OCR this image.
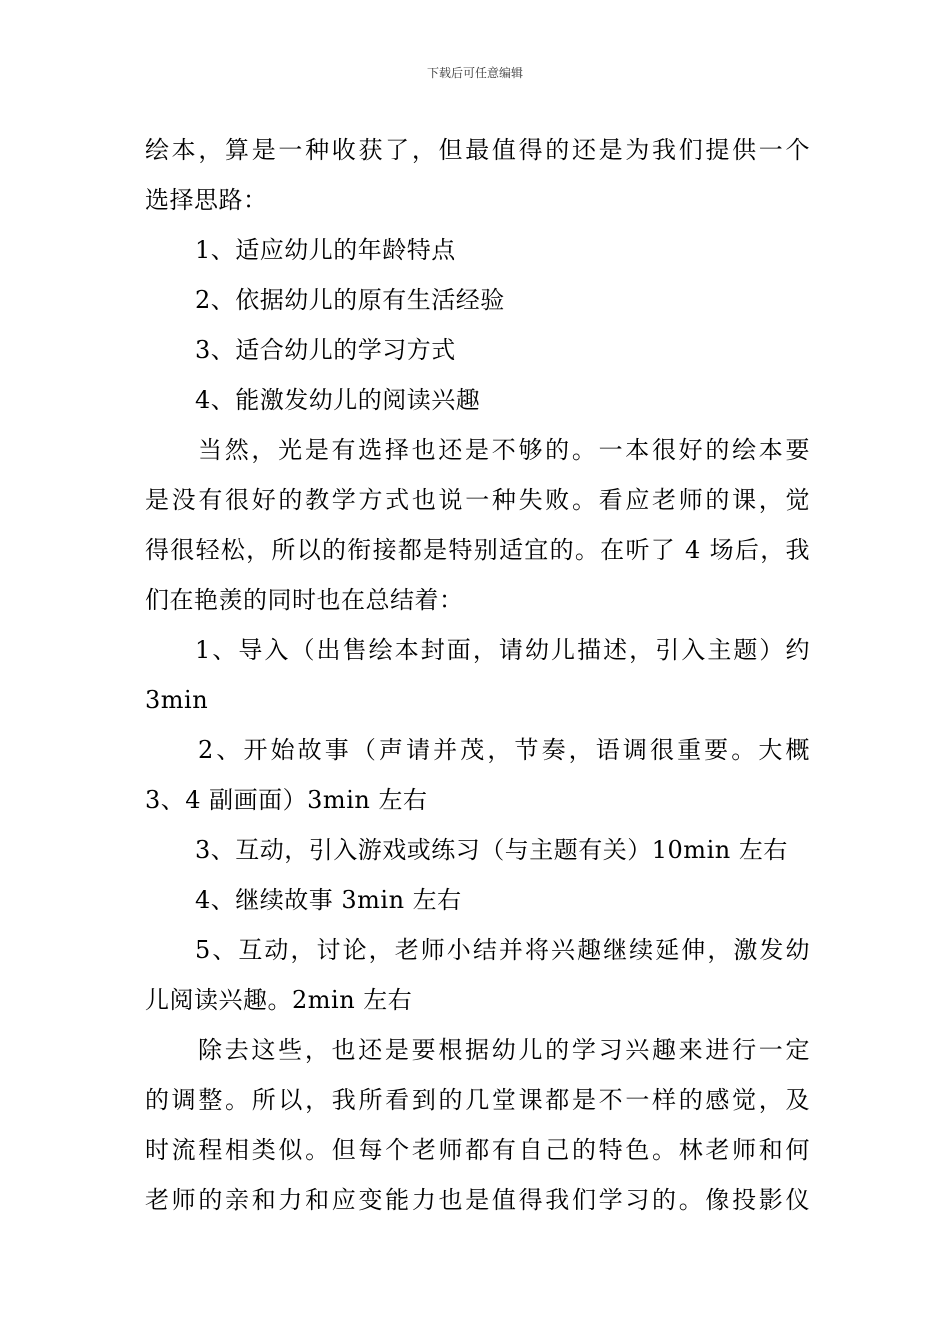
下载后可任意编辑
绘本，算是一种收获了，但最值得的还是为我们提供一个
选择思路：
1、适应幼儿的年龄特点
2、依据幼儿的原有生活经验
3、适合幼儿的学习方式
4、能激发幼儿的阅读兴趣
当然，光是有选择也还是不够的。一本很好的绘本要
是没有很好的教学方式也说一种失败。看应老师的课，觉
得很轻松，所以的衔接都是特别适宜的。在听了 4 场后，我
们在艳羡的同时也在总结着：
1、导入（出售绘本封面，请幼儿描述，引入主题）约
3min
2、开始故事（声请并茂，节奏，语调很重要。大概
3、4 副画面）3min 左右
3、互动，引入游戏或练习（与主题有关）10min 左右
4、继续故事 3min 左右
5、互动，讨论，老师小结并将兴趣继续延伸，激发幼
儿阅读兴趣。2min 左右
除去这些，也还是要根据幼儿的学习兴趣来进行一定
的调整。所以，我所看到的几堂课都是不一样的感觉，及
时流程相类似。但每个老师都有自己的特色。林老师和何
老师的亲和力和应变能力也是值得我们学习的。像投影仪
